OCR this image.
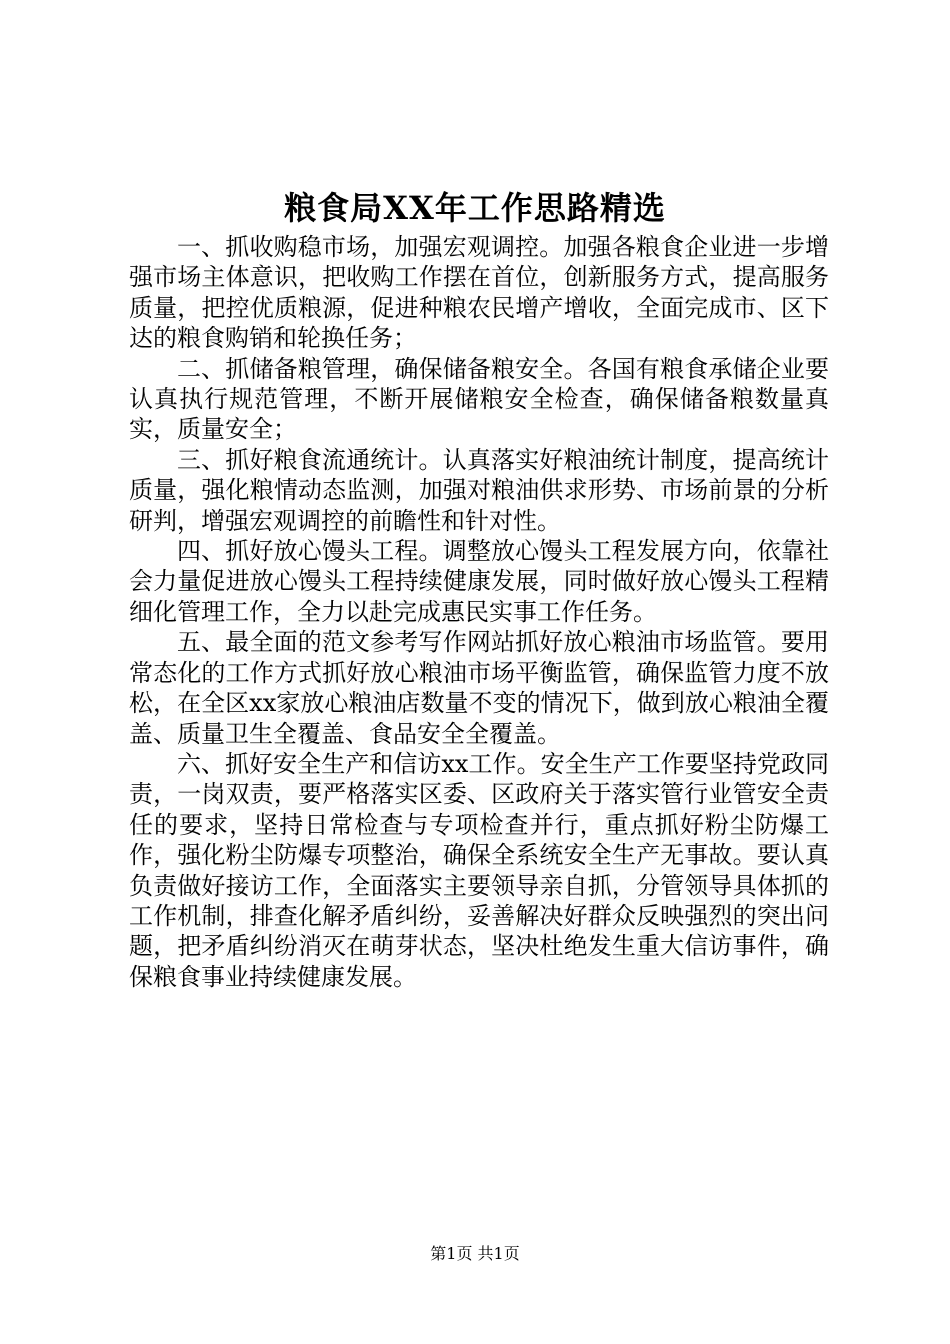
粮食局XX年工作思路精选

一、抓收购稳市场，加强宏观调控。加强各粮食企业进一步增强市场主体意识，把收购工作摆在首位，创新服务方式，提高服务质量，把控优质粮源，促进种粮农民增产增收，全面完成市、区下达的粮食购销和轮换任务；

二、抓储备粮管理，确保储备粮安全。各国有粮食承储企业要认真执行规范管理，不断开展储粮安全检查，确保储备粮数量真实，质量安全；

三、抓好粮食流通统计。认真落实好粮油统计制度，提高统计质量，强化粮情动态监测，加强对粮油供求形势、市场前景的分析研判，增强宏观调控的前瞻性和针对性。

四、抓好放心馒头工程。调整放心馒头工程发展方向，依靠社会力量促进放心馒头工程持续健康发展，同时做好放心馒头工程精细化管理工作，全力以赴完成惠民实事工作任务。

五、最全面的范文参考写作网站抓好放心粮油市场监管。要用常态化的工作方式抓好放心粮油市场平衡监管，确保监管力度不放松，在全区xx家放心粮油店数量不变的情况下，做到放心粮油全覆盖、质量卫生全覆盖、食品安全全覆盖。

六、抓好安全生产和信访xx工作。安全生产工作要坚持党政同责，一岗双责，要严格落实区委、区政府关于落实管行业管安全责任的要求，坚持日常检查与专项检查并行，重点抓好粉尘防爆工作，强化粉尘防爆专项整治，确保全系统安全生产无事故。要认真负责做好接访工作，全面落实主要领导亲自抓，分管领导具体抓的工作机制，排查化解矛盾纠纷，妥善解决好群众反映强烈的突出问题，把矛盾纠纷消灭在萌芽状态，坚决杜绝发生重大信访事件，确保粮食事业持续健康发展。

第1页 共1页
